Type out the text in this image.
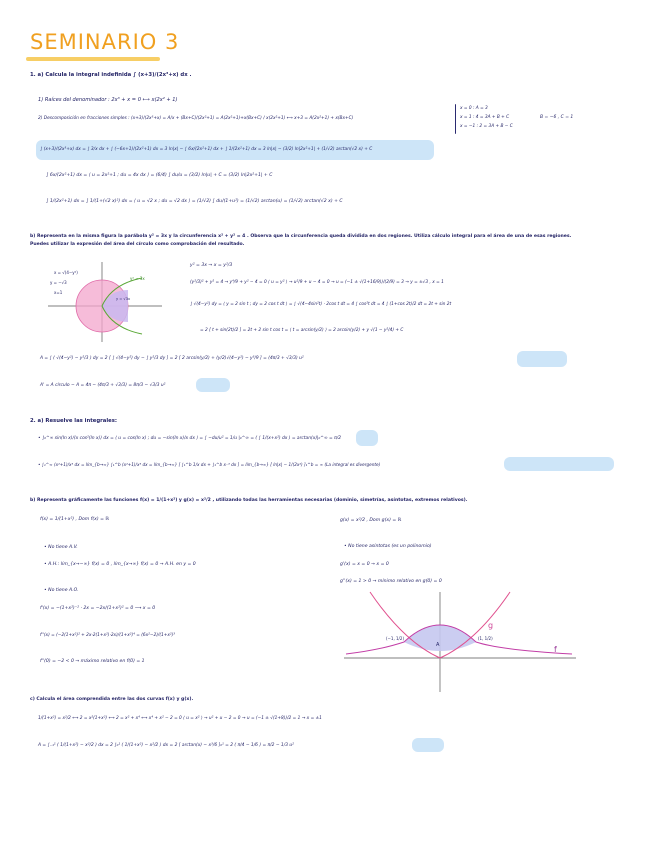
SEMINARIO 3
1. a) Calcula la integral indefinida ∫ (x+3)/(2x³+x) dx .
1) Raíces del denominador : 2x³ + x = 0 ⟷ x(2x² + 1)
2) Descomposición en fracciones simples : (x+3)/(2x³+x) = A/x + (Bx+C)/(2x²+1) = A(2x²+1)+x(Bx+C) / x(2x²+1) ⟷ x+3 = A(2x²+1) + x(Bx+C)
x = 0 : A = 3
x = 1 : 4 = 3A + B + C
x = −1 : 2 = 3A + B − C
B = −6 , C = 1
∫ (x+3)/(2x³+x) dx = ∫ 3/x dx + ∫ (−6x+1)/(2x²+1) dx = 3 ln|x| − ∫ 6x/(2x²+1) dx + ∫ 1/(2x²+1) dx = 3 ln|x| − (3/2) ln|2x²+1| + (1/√2) arctan(√2 x) + C
∫ 6x/(2x²+1) dx = ⟨ u = 2x²+1 ; du = 4x dx ⟩ = (6/4) ∫ du/u = (3/2) ln|u| + C = (3/2) ln|2x²+1| + C
∫ 1/(2x²+1) dx = ∫ 1/(1+(√2 x)²) dx = ⟨ u = √2 x ; du = √2 dx ⟩ = (1/√2) ∫ du/(1+u²) = (1/√2) arctan(u) = (1/√2) arctan(√2 x) + C
b) Representa en la misma figura la parábola y² = 3x y la circunferencia x² + y² = 4 . Observa que la circunferencia queda dividida en dos regiones. Utiliza cálculo integral para el área de una de esas regiones.
Puedes utilizar la expresión del área del círculo como comprobación del resultado.
x = √(4−y²)
y² = 3x
y = −√3
x=1
y = √3x
y² = 3x → x = y²/3
(y²/3)² + y² = 4 → y⁴/9 + y² − 4 = 0 ⟨ u = y² ⟩ → u²/9 + u − 4 = 0 → u = (−1 ± √(1+16/9))/(2/9) = 3 → y = ±√3 , x = 1
∫ √(4−y²) dy = ⟨ y = 2 sin t ; dy = 2 cos t dt ⟩ = ∫ √(4−4sin²t) · 2cos t dt = 4 ∫ cos²t dt = 4 ∫ (1+cos 2t)/2 dt = 2t + sin 2t
= 2 [ t + sin(2t)/2 ] = 2t + 2 sin t cos t = ⟨ t = arcsin(y/2) ⟩ = 2 arcsin(y/2) + y √(1 − y²/4) + C
A = ∫ ( √(4−y²) − y²/3 ) dy = 2 [ ∫ √(4−y²) dy − ∫ y²/3 dy ] = 2 [ 2 arcsin(y/2) + (y/2)√(4−y²) − y³/9 ] = (4π/3 + √3/3) u²
A' = A círculo − A = 4π − (4π/3 + √3/3) = 8π/3 − √3/3 u²
2. a) Resuelve las integrales:
• ∫₀^∞ sin(ln x)/(x cos²(ln x)) dx = ⟨ u = cos(ln x) ; du = −sin(ln x)/x dx ⟩ = ∫ −du/u² = 1/u |₀^∞ = ( ∫ 1/(x+x²) dx ) = arctan(x)|₀^∞ = π/2
• ∫₁^∞ (x²+1)/x³ dx = lím_{b→∞} ∫₁^b (x²+1)/x³ dx = lím_{b→∞} [ ∫₁^b 1/x dx + ∫₁^b x⁻³ dx ] = lím_{b→∞} [ ln|x| − 1/(2x²) ]₁^b = ∞ (La integral es divergente)
b) Representa gráficamente las funciones f(x) = 1/(1+x²) y g(x) = x²/2 , utilizando todas las herramientas necesarias (dominio, simetrías, asíntotas, extremos relativos).
f(x) = 1/(1+x²) , Dom f(x) = ℝ
• No tiene A.V.
• A.H.: lím_{x→−∞} f(x) = 0 , lím_{x→∞} f(x) = 0 → A.H. en y = 0
• No tiene A.O.
f'(x) = −(1+x²)⁻² · 2x = −2x/(1+x²)² = 0 ⟶ x = 0
f''(x) = (−2(1+x²)² + 2x·2(1+x²)·2x)/(1+x²)⁴ = (6x²−2)/(1+x²)³
f''(0) = −2 < 0 → máximo relativo en f(0) = 1
g(x) = x²/2 , Dom g(x) = ℝ
• No tiene asíntotas (es un polinomio)
g'(x) = x = 0 → x = 0
g''(x) = 1 > 0 → mínimo relativo en g(0) = 0
(−1, 1/2)	(1, 1/2)
A
g
f
c) Calcula el área comprendida entre las dos curvas f(x) y g(x).
1/(1+x²) = x²/2 ⟷ 2 = x²(1+x²) ⟷ 2 = x² + x⁴ ⟷ x⁴ + x² − 2 = 0 ⟨ u = x² ⟩ → u² + u − 2 = 0 → u = (−1 ± √(1+8))/2 = 1 → x = ±1
A = ∫₋₁¹ ( 1/(1+x²) − x²/2 ) dx = 2 ∫₀¹ ( 1/(1+x²) − x²/2 ) dx = 2 [ arctan(x) − x³/6 ]₀¹ = 2 ( π/4 − 1/6 ) = π/2 − 1/3 u²
